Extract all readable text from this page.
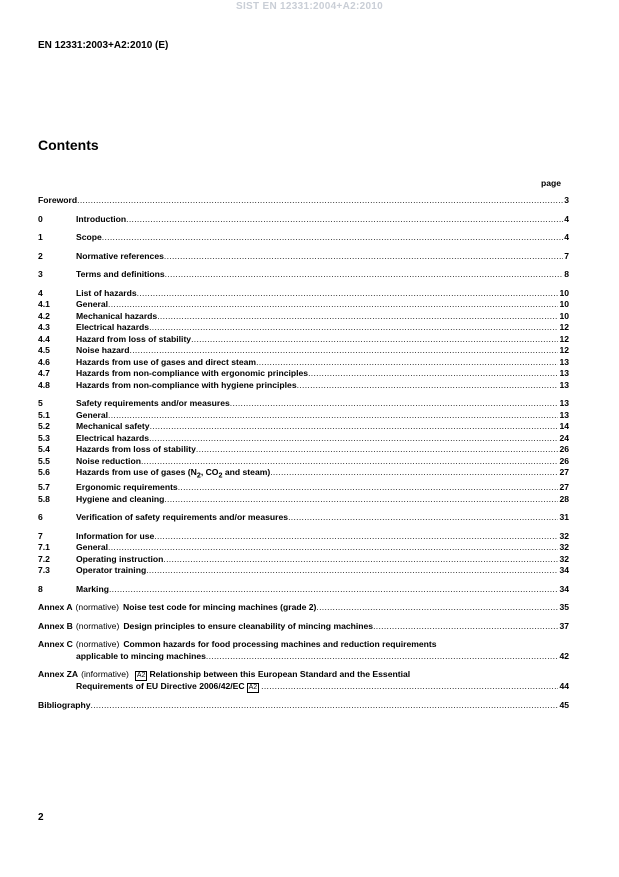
SIST EN 12331:2004+A2:2010
EN 12331:2003+A2:2010 (E)
Contents
page
Foreword .....	3
0	Introduction .....	4
1	Scope .....	4
2	Normative references .....	7
3	Terms and definitions .....	8
4	List of hazards .....	10
4.1	General .....	10
4.2	Mechanical hazards .....	10
4.3	Electrical hazards .....	12
4.4	Hazard from loss of stability .....	12
4.5	Noise hazard .....	12
4.6	Hazards from use of gases and direct steam .....	13
4.7	Hazards from non-compliance with ergonomic principles .....	13
4.8	Hazards from non-compliance with hygiene principles .....	13
5	Safety requirements and/or measures .....	13
5.1	General .....	13
5.2	Mechanical safety .....	14
5.3	Electrical hazards .....	24
5.4	Hazards from loss of stability .....	26
5.5	Noise reduction .....	26
5.6	Hazards from use of gases ($N_2$, $CO_2$ and steam) .....	27
5.7	Ergonomic requirements .....	27
5.8	Hygiene and cleaning .....	28
6	Verification of safety requirements and/or measures .....	31
7	Information for use .....	32
7.1	General .....	32
7.2	Operating instruction .....	32
7.3	Operator training .....	34
8	Marking .....	34
Annex A (normative) Noise test code for mincing machines (grade 2) .....	35
Annex B (normative) Design principles to ensure cleanability of mincing machines .....	37
Annex C (normative) Common hazards for food processing machines and reduction requirements
applicable to mincing machines .....	42
Annex ZA (informative) A2 Relationship between this European Standard and the Essential
Requirements of EU Directive 2006/42/EC A2 .....	44
Bibliography .....	45
2
